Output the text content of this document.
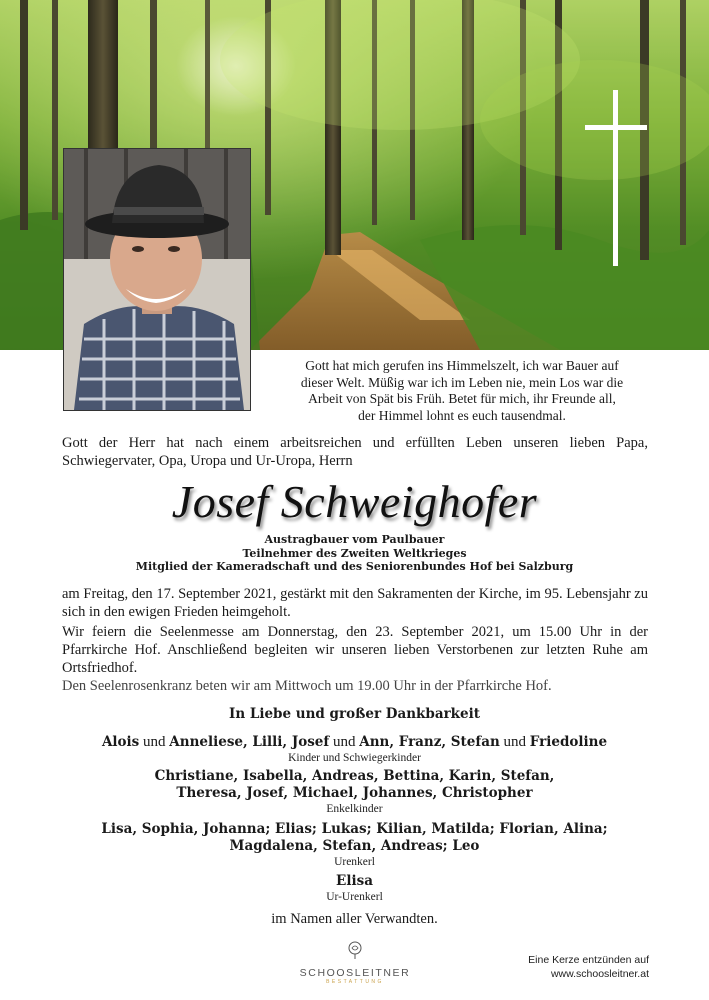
Gott hat mich gerufen ins Himmelszelt, ich war Bauer auf
dieser Welt. Müßig war ich im Leben nie, mein Los war die
Arbeit von Spät bis Früh. Betet für mich, ihr Freunde all,
der Himmel lohnt es euch tausendmal.
Gott der Herr hat nach einem arbeitsreichen und erfüllten Leben unseren lieben Papa, Schwiegervater, Opa, Uropa und Ur-Uropa, Herrn
Josef Schweighofer
Austragbauer vom Paulbauer
Teilnehmer des Zweiten Weltkrieges
Mitglied der Kameradschaft und des Seniorenbundes Hof bei Salzburg
am Freitag, den 17. September 2021, gestärkt mit den Sakramenten der Kirche, im 95. Lebensjahr zu sich in den ewigen Frieden heimgeholt.
Wir feiern die Seelenmesse am Donnerstag, den 23. September 2021, um 15.00 Uhr in der Pfarrkirche Hof. Anschließend begleiten wir unseren lieben Verstorbenen zur letzten Ruhe am Ortsfriedhof.
Den Seelenrosenkranz beten wir am Mittwoch um 19.00 Uhr in der Pfarrkirche Hof.
In Liebe und großer Dankbarkeit
Alois und Anneliese, Lilli, Josef und Ann, Franz, Stefan und Friedoline
Kinder und Schwiegerkinder
Christiane, Isabella, Andreas, Bettina, Karin, Stefan,
Theresa, Josef, Michael, Johannes, Christopher
Enkelkinder
Lisa, Sophia, Johanna; Elias; Lukas; Kilian, Matilda; Florian, Alina;
Magdalena, Stefan, Andreas; Leo
Urenkerl
Elisa
Ur-Urenkerl
im Namen aller Verwandten.
SCHOOSLEITNER
BESTATTUNG
Eine Kerze entzünden auf
www.schoosleitner.at
